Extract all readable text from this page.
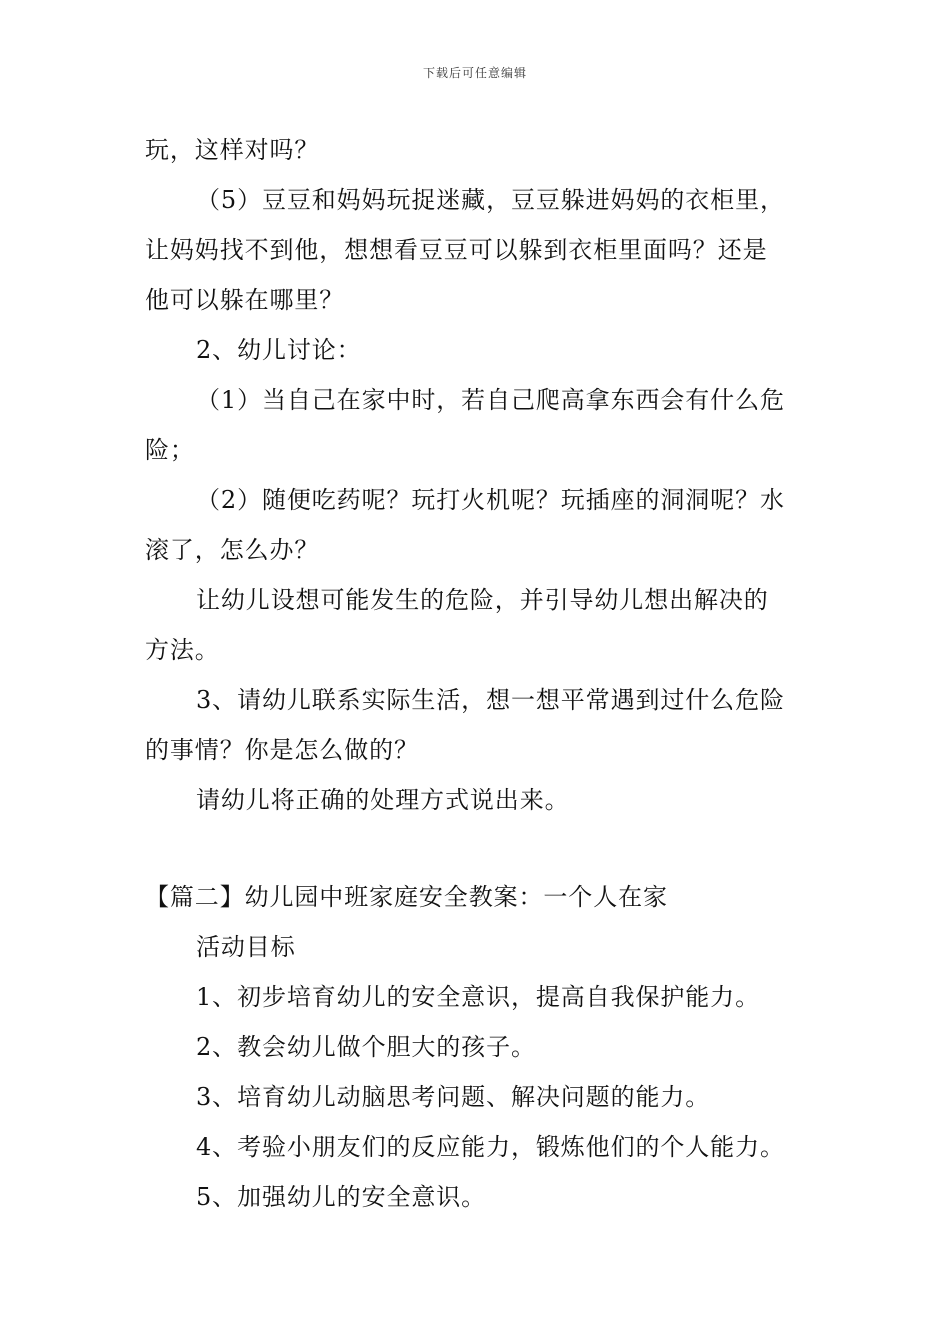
下载后可任意编辑
玩，这样对吗？
（5）豆豆和妈妈玩捉迷藏，豆豆躲进妈妈的衣柜里，
让妈妈找不到他，想想看豆豆可以躲到衣柜里面吗？还是
他可以躲在哪里？
2、幼儿讨论：
（1）当自己在家中时，若自己爬高拿东西会有什么危
险；
（2）随便吃药呢？玩打火机呢？玩插座的洞洞呢？水
滚了，怎么办？
让幼儿设想可能发生的危险，并引导幼儿想出解决的
方法。
3、请幼儿联系实际生活，想一想平常遇到过什么危险
的事情？你是怎么做的？
请幼儿将正确的处理方式说出来。
【篇二】幼儿园中班家庭安全教案：一个人在家
活动目标
1、初步培育幼儿的安全意识，提高自我保护能力。
2、教会幼儿做个胆大的孩子。
3、培育幼儿动脑思考问题、解决问题的能力。
4、考验小朋友们的反应能力，锻炼他们的个人能力。
5、加强幼儿的安全意识。
